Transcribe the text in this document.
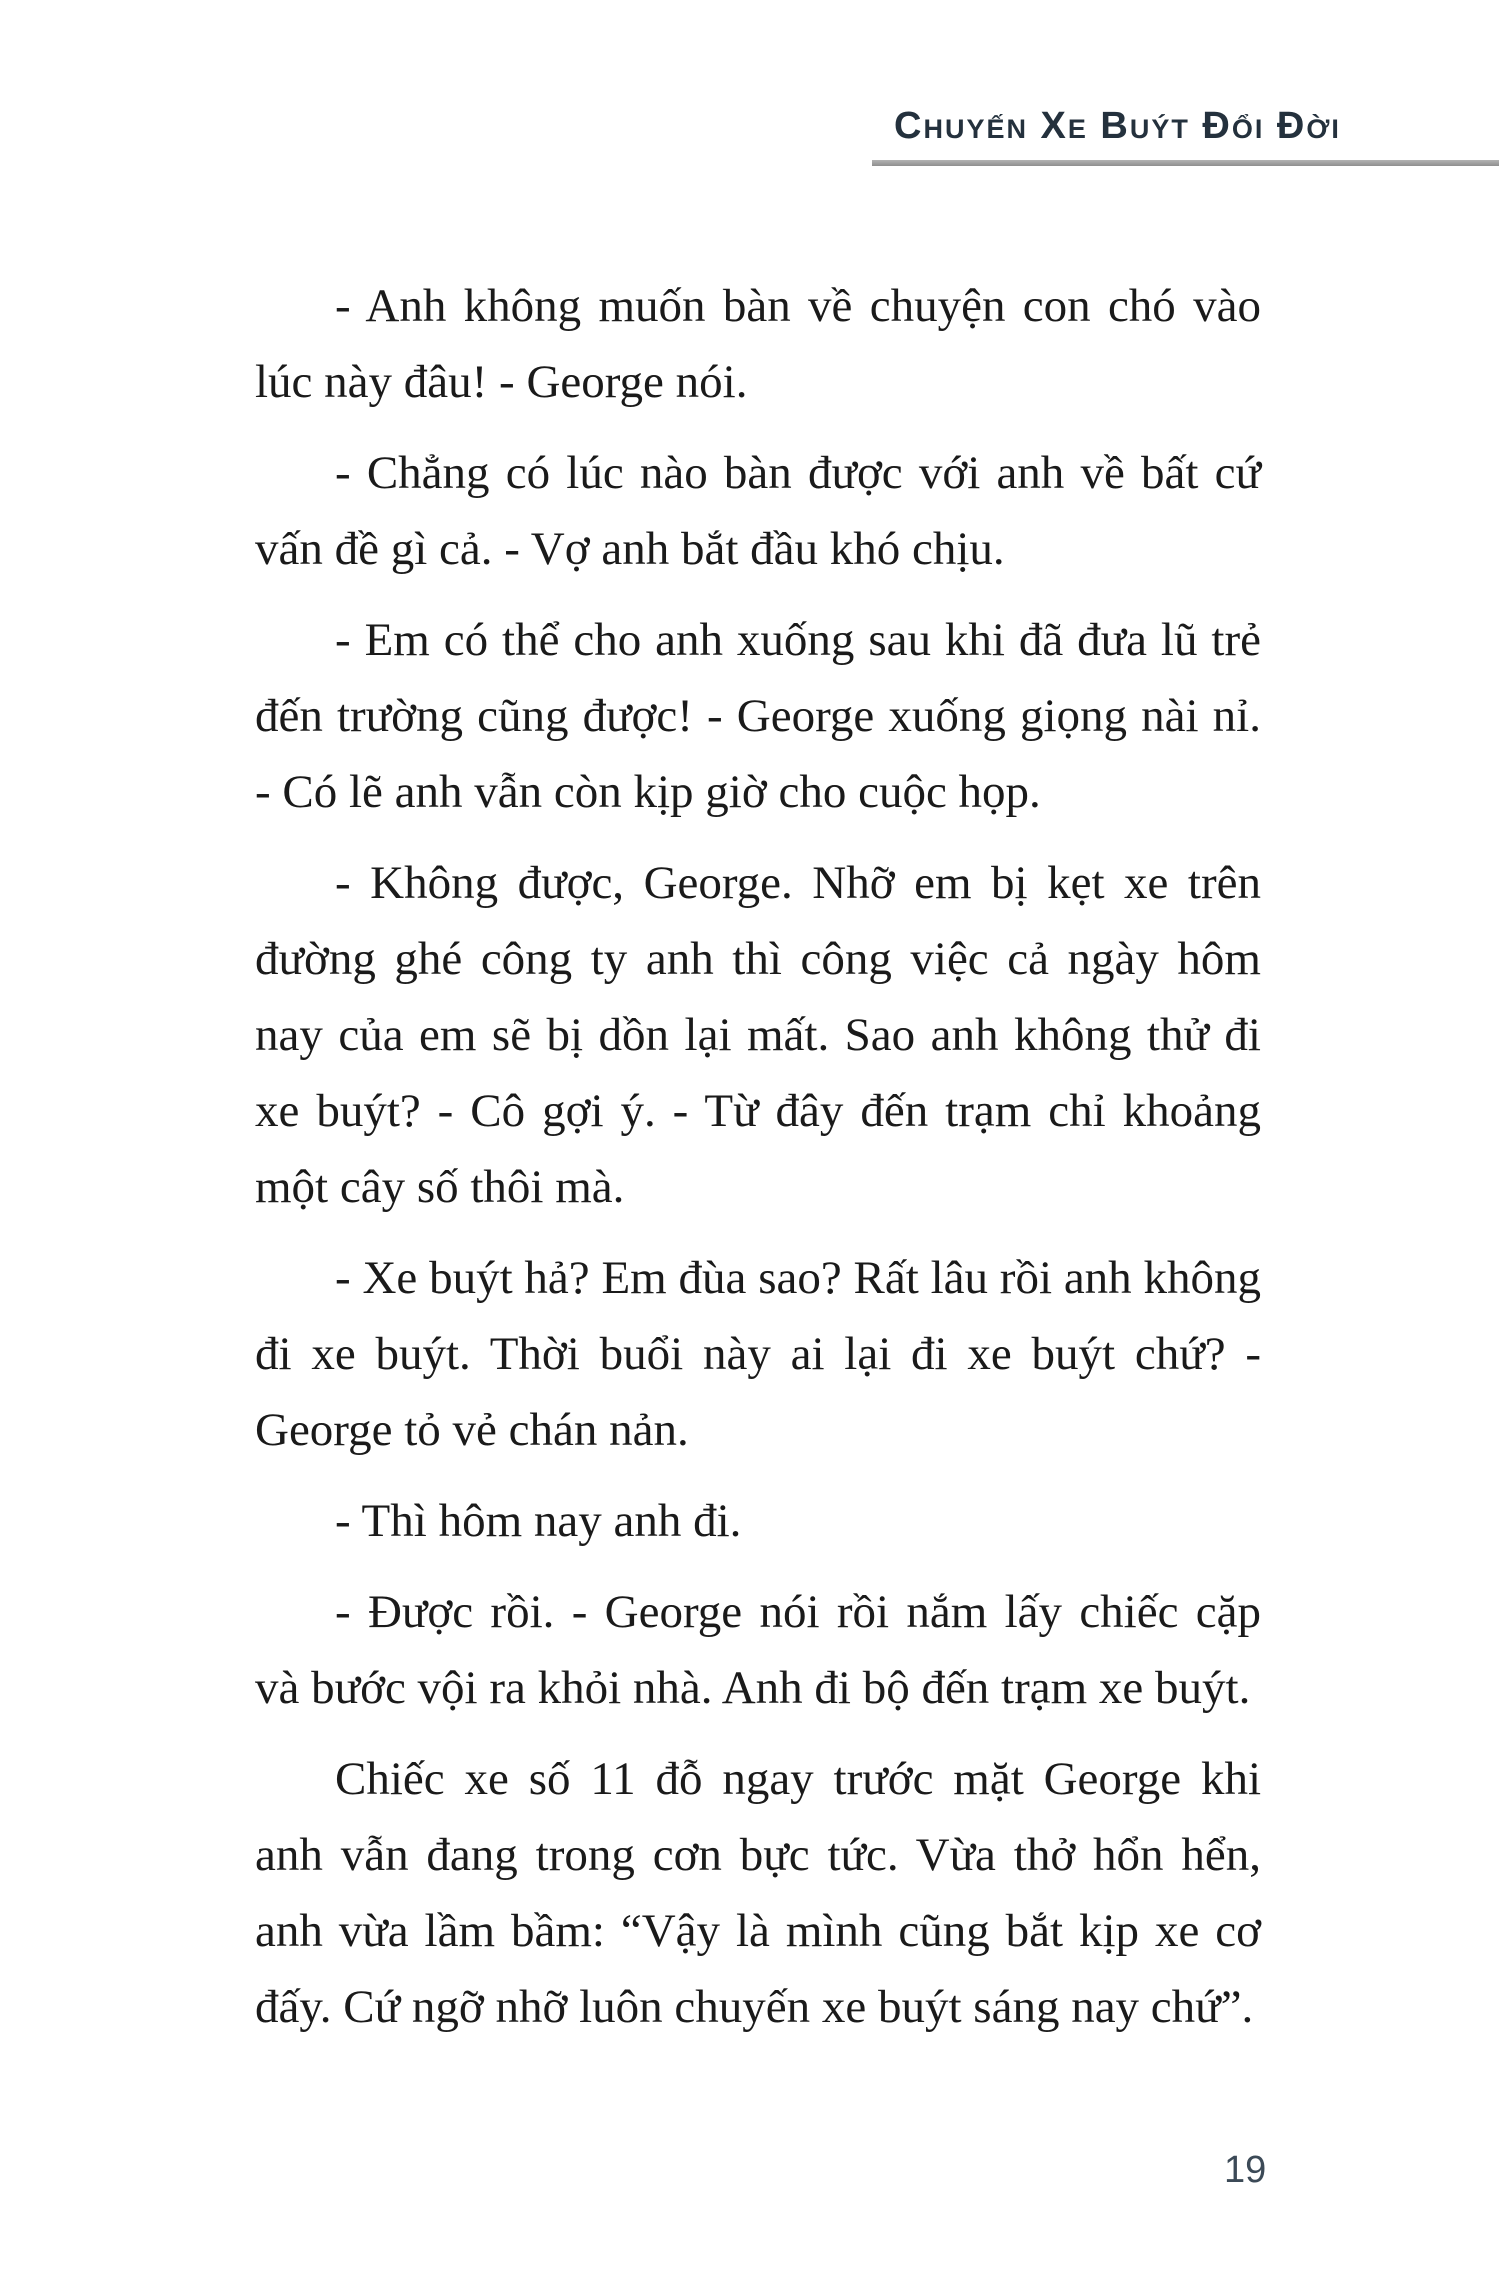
Chuyến Xe Buýt Đổi Đời

- Anh không muốn bàn về chuyện con chó vào lúc này đâu! - George nói.

- Chẳng có lúc nào bàn được với anh về bất cứ vấn đề gì cả. - Vợ anh bắt đầu khó chịu.

- Em có thể cho anh xuống sau khi đã đưa lũ trẻ đến trường cũng được! - George xuống giọng nài nỉ. - Có lẽ anh vẫn còn kịp giờ cho cuộc họp.

- Không được, George. Nhỡ em bị kẹt xe trên đường ghé công ty anh thì công việc cả ngày hôm nay của em sẽ bị dồn lại mất. Sao anh không thử đi xe buýt? - Cô gợi ý. - Từ đây đến trạm chỉ khoảng một cây số thôi mà.

- Xe buýt hả? Em đùa sao? Rất lâu rồi anh không đi xe buýt. Thời buổi này ai lại đi xe buýt chứ? - George tỏ vẻ chán nản.

- Thì hôm nay anh đi.

- Được rồi. - George nói rồi nắm lấy chiếc cặp và bước vội ra khỏi nhà. Anh đi bộ đến trạm xe buýt.

Chiếc xe số 11 đỗ ngay trước mặt George khi anh vẫn đang trong cơn bực tức. Vừa thở hổn hển, anh vừa lầm bầm: “Vậy là mình cũng bắt kịp xe cơ đấy. Cứ ngỡ nhỡ luôn chuyến xe buýt sáng nay chứ”.

19
